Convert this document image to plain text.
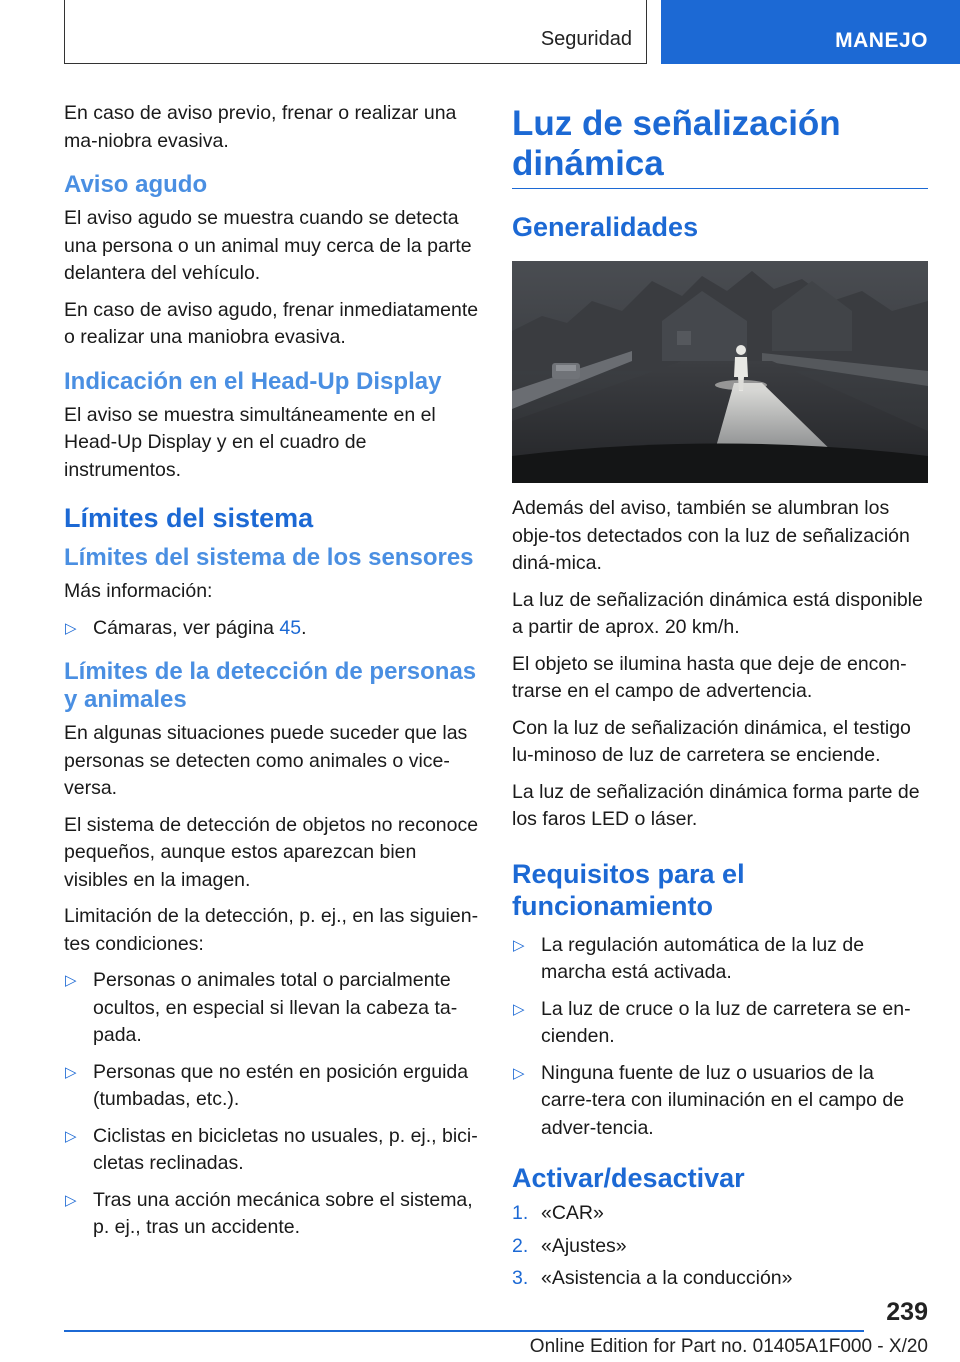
Seguridad	MANEJO

En caso de aviso previo, frenar o realizar una ma-niobra evasiva.

Aviso agudo

El aviso agudo se muestra cuando se detecta una persona o un animal muy cerca de la parte delantera del vehículo.

En caso de aviso agudo, frenar inmediatamente o realizar una maniobra evasiva.

Indicación en el Head-Up Display

El aviso se muestra simultáneamente en el Head-Up Display y en el cuadro de instrumentos.

Límites del sistema
Límites del sistema de los sensores

Más información:

▷ Cámaras, ver página 45.
Límites de la detección de personas y animales

En algunas situaciones puede suceder que las personas se detecten como animales o vice-versa.

El sistema de detección de objetos no reconoce pequeños, aunque estos aparezcan bien visibles en la imagen.

Limitación de la detección, p. ej., en las siguien-tes condiciones:

▷ Personas o animales total o parcialmente ocultos, en especial si llevan la cabeza ta-pada.
▷ Personas que no estén en posición erguida (tumbadas, etc.).
▷ Ciclistas en bicicletas no usuales, p. ej., bici-cletas reclinadas.
▷ Tras una acción mecánica sobre el sistema, p. ej., tras un accidente.
Luz de señalización dinámica
Generalidades

Además del aviso, también se alumbran los obje-tos detectados con la luz de señalización diná-mica.

La luz de señalización dinámica está disponible a partir de aprox. 20 km/h.

El objeto se ilumina hasta que deje de encon-trarse en el campo de advertencia.

Con la luz de señalización dinámica, el testigo lu-minoso de luz de carretera se enciende.

La luz de señalización dinámica forma parte de los faros LED o láser.

Requisitos para el funcionamiento
▷ La regulación automática de la luz de marcha está activada.
▷ La luz de cruce o la luz de carretera se en-cienden.
▷ Ninguna fuente de luz o usuarios de la carre-tera con iluminación en el campo de adver-tencia.
Activar/desactivar
1. «CAR»
2. «Ajustes»
3. «Asistencia a la conducción»
239
Online Edition for Part no. 01405A1F000 - X/20
